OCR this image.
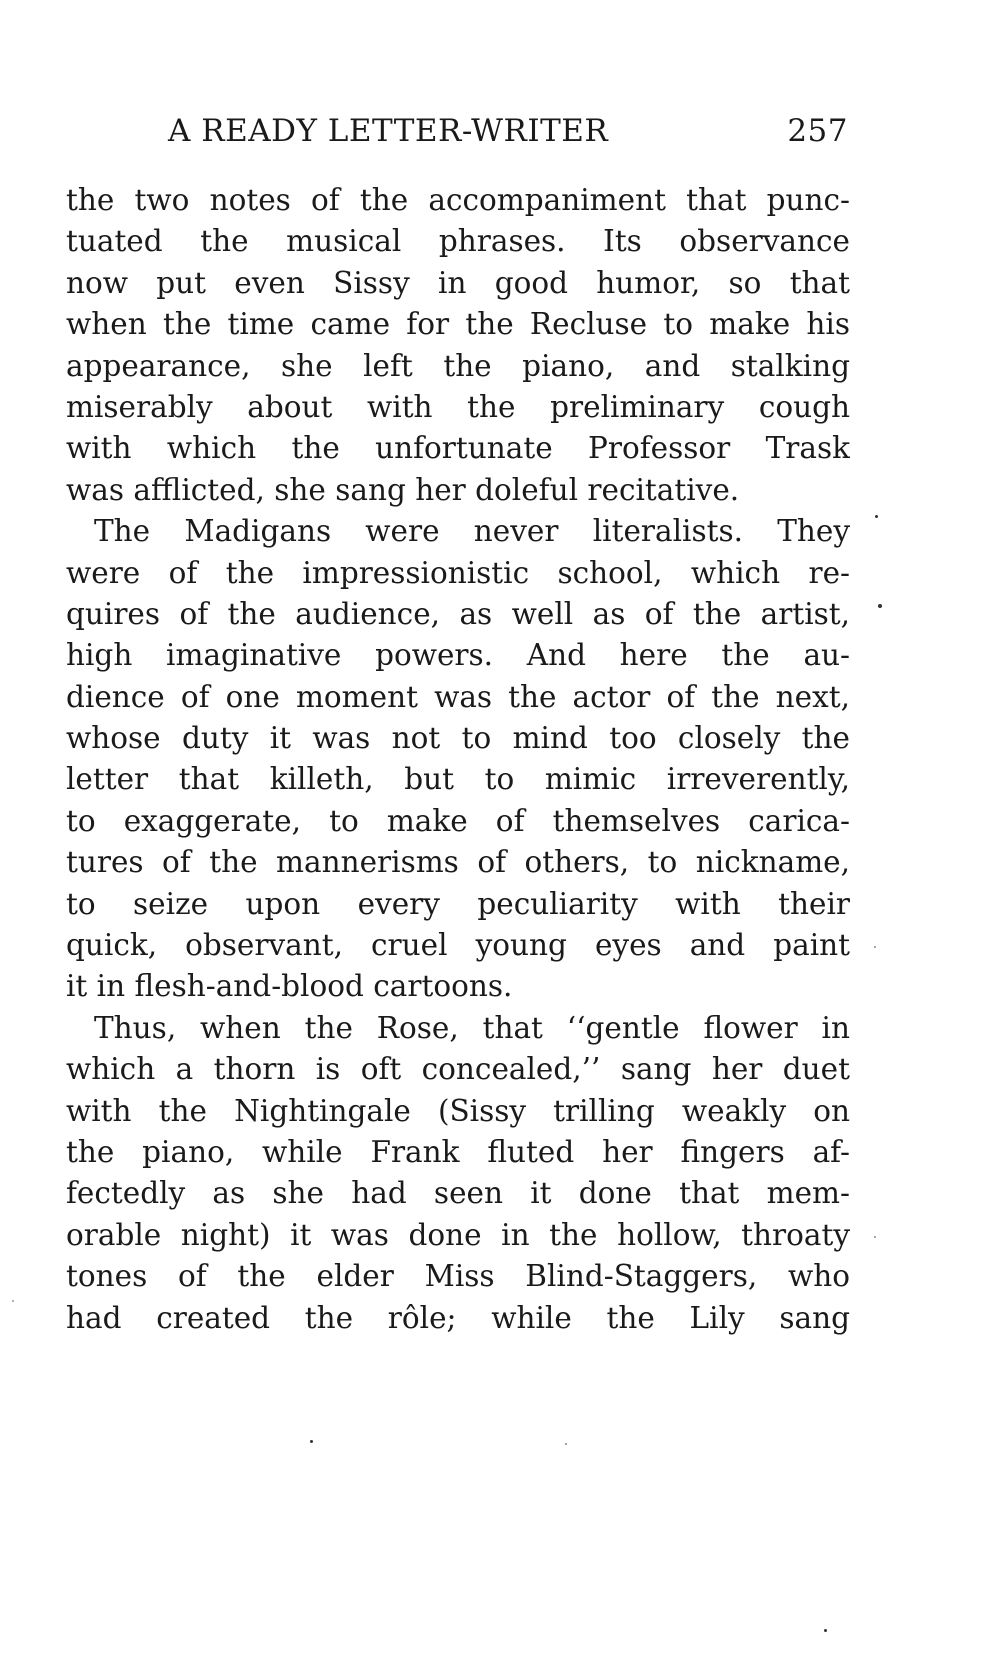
A READY LETTER-WRITER	257
the two notes of the accompaniment that punc-
tuated the musical phrases. Its observance
now put even Sissy in good humor, so that
when the time came for the Recluse to make his
appearance, she left the piano, and stalking
miserably about with the preliminary cough
with which the unfortunate Professor Trask
was afflicted, she sang her doleful recitative.
The Madigans were never literalists. They
were of the impressionistic school, which re-
quires of the audience, as well as of the artist,
high imaginative powers. And here the au-
dience of one moment was the actor of the next,
whose duty it was not to mind too closely the
letter that killeth, but to mimic irreverently,
to exaggerate, to make of themselves carica-
tures of the mannerisms of others, to nickname,
to seize upon every peculiarity with their
quick, observant, cruel young eyes and paint
it in flesh-and-blood cartoons.
Thus, when the Rose, that ‘‘gentle flower in
which a thorn is oft concealed,’’ sang her duet
with the Nightingale (Sissy trilling weakly on
the piano, while Frank fluted her fingers af-
fectedly as she had seen it done that mem-
orable night) it was done in the hollow, throaty
tones of the elder Miss Blind-Staggers, who
had created the rôle; while the Lily sang
